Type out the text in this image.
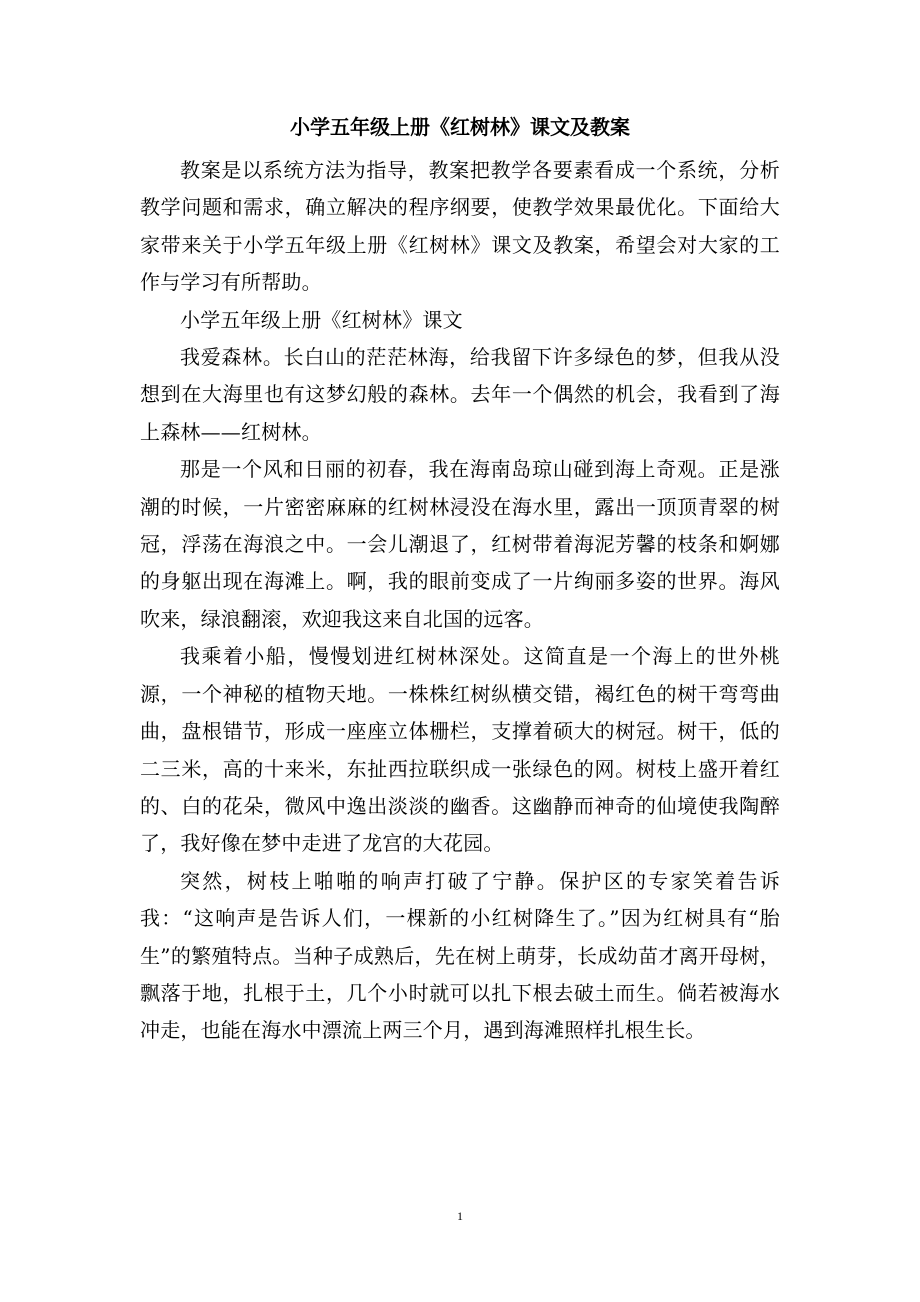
小学五年级上册《红树林》课文及教案

教案是以系统方法为指导，教案把教学各要素看成一个系统，分析教学问题和需求，确立解决的程序纲要，使教学效果最优化。下面给大家带来关于小学五年级上册《红树林》课文及教案，希望会对大家的工作与学习有所帮助。

小学五年级上册《红树林》课文

我爱森林。长白山的茫茫林海，给我留下许多绿色的梦，但我从没想到在大海里也有这梦幻般的森林。去年一个偶然的机会，我看到了海上森林——红树林。

那是一个风和日丽的初春，我在海南岛琼山碰到海上奇观。正是涨潮的时候，一片密密麻麻的红树林浸没在海水里，露出一顶顶青翠的树冠，浮荡在海浪之中。一会儿潮退了，红树带着海泥芳馨的枝条和婀娜的身躯出现在海滩上。啊，我的眼前变成了一片绚丽多姿的世界。海风吹来，绿浪翻滚，欢迎我这来自北国的远客。

我乘着小船，慢慢划进红树林深处。这简直是一个海上的世外桃源，一个神秘的植物天地。一株株红树纵横交错，褐红色的树干弯弯曲曲，盘根错节，形成一座座立体栅栏，支撑着硕大的树冠。树干，低的二三米，高的十来米，东扯西拉联织成一张绿色的网。树枝上盛开着红的、白的花朵，微风中逸出淡淡的幽香。这幽静而神奇的仙境使我陶醉了，我好像在梦中走进了龙宫的大花园。

突然，树枝上啪啪的响声打破了宁静。保护区的专家笑着告诉我：“这响声是告诉人们，一棵新的小红树降生了。”因为红树具有“胎生”的繁殖特点。当种子成熟后，先在树上萌芽，长成幼苗才离开母树，飘落于地，扎根于土，几个小时就可以扎下根去破土而生。倘若被海水冲走，也能在海水中漂流上两三个月，遇到海滩照样扎根生长。

1
